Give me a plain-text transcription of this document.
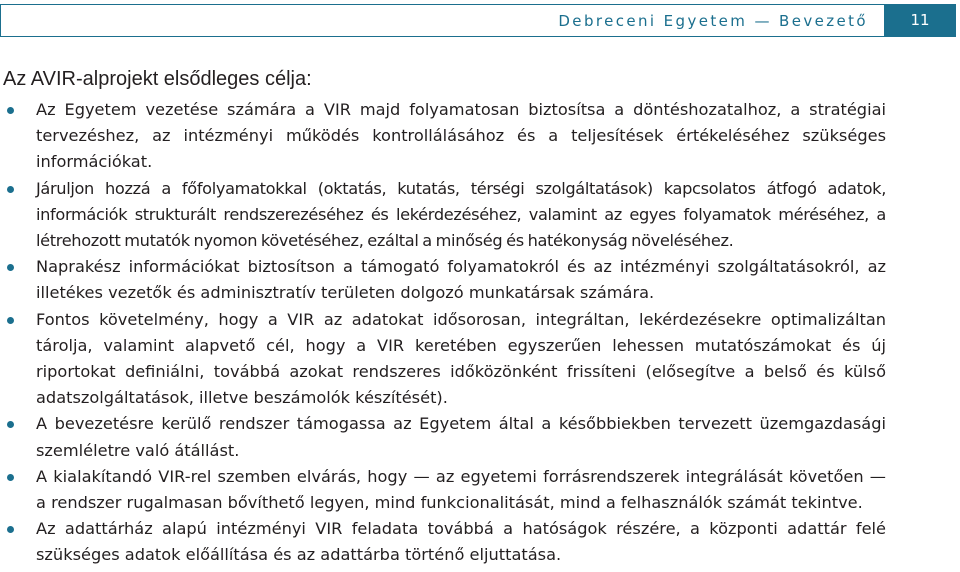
Debreceni Egyetem — Bevezető	11
Az AVIR-alprojekt elsődleges célja:
Az Egyetem vezetése számára a VIR majd folyamatosan biztosítsa a döntéshozatalhoz, a stratégiai tervezéshez, az intézményi működés kontrollálásához és a teljesítések értékeléséhez szükséges információkat.
Járuljon hozzá a főfolyamatokkal (oktatás, kutatás, térségi szolgáltatások) kapcsolatos átfogó adatok, információk strukturált rendszerezéséhez és lekérdezéséhez, valamint az egyes folyamatok méréséhez, a létrehozott mutatók nyomon követéséhez, ezáltal a minőség és hatékonyság növeléséhez.
Naprakész információkat biztosítson a támogató folyamatokról és az intézményi szolgáltatásokról, az illetékes vezetők és adminisztratív területen dolgozó munkatársak számára.
Fontos követelmény, hogy a VIR az adatokat idősorosan, integráltan, lekérdezésekre optimalizáltan tárolja, valamint alapvető cél, hogy a VIR keretében egyszerűen lehessen mutatószámokat és új riportokat definiálni, továbbá azokat rendszeres időközönként frissíteni (elősegítve a belső és külső adatszolgáltatások, illetve beszámolók készítését).
A bevezetésre kerülő rendszer támogassa az Egyetem által a későbbiekben tervezett üzemgazdasági szemléletre való átállást.
A kialakítandó VIR-rel szemben elvárás, hogy — az egyetemi forrásrendszerek integrálását követően — a rendszer rugalmasan bővíthető legyen, mind funkcionalitását, mind a felhasználók számát tekintve.
Az adattárház alapú intézményi VIR feladata továbbá a hatóságok részére, a központi adattár felé szükséges adatok előállítása és az adattárba történő eljuttatása.
